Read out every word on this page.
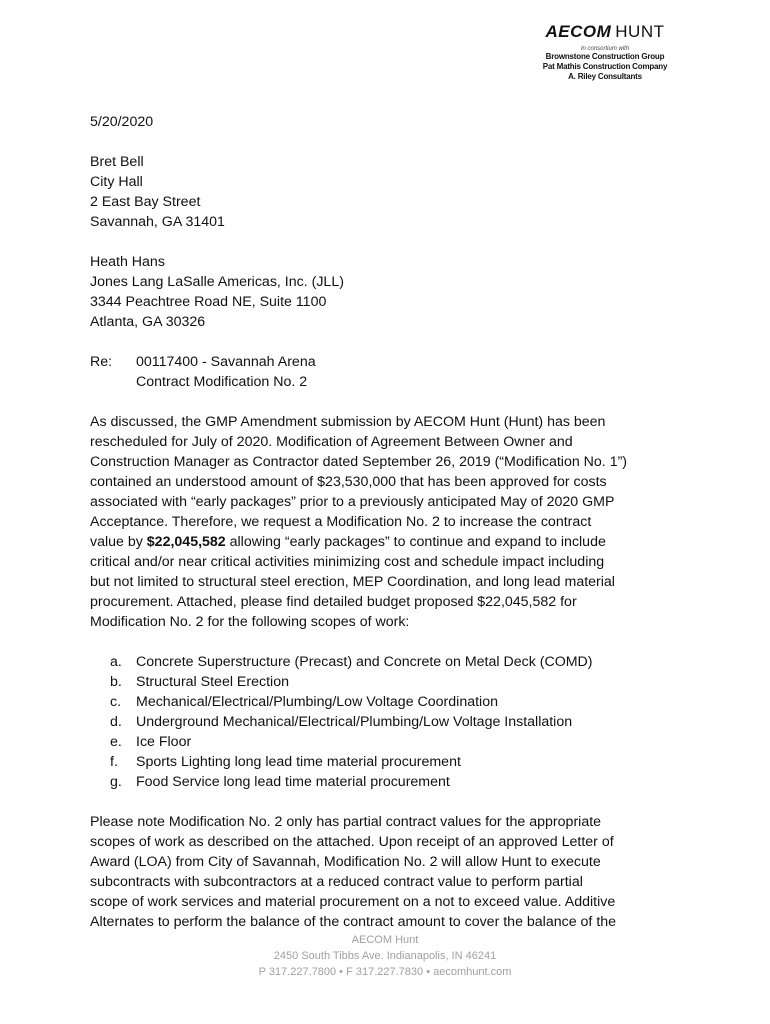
AECOM HUNT
In consortium with
Brownstone Construction Group
Pat Mathis Construction Company
A. Riley Consultants

5/20/2020

Bret Bell

City Hall

2 East Bay Street

Savannah, GA 31401

Heath Hans

Jones Lang LaSalle Americas, Inc. (JLL)

3344 Peachtree Road NE, Suite 1100

Atlanta, GA 30326

Re:	00117400 - Savannah Arena

Contract Modification No. 2

As discussed, the GMP Amendment submission by AECOM Hunt (Hunt) has been

rescheduled for July of 2020. Modification of Agreement Between Owner and

Construction Manager as Contractor dated September 26, 2019 (“Modification No. 1”)

contained an understood amount of $23,530,000 that has been approved for costs

associated with “early packages” prior to a previously anticipated May of 2020 GMP

Acceptance. Therefore, we request a Modification No. 2 to increase the contract

value by $22,045,582 allowing “early packages” to continue and expand to include

critical and/or near critical activities minimizing cost and schedule impact including

but not limited to structural steel erection, MEP Coordination, and long lead material

procurement. Attached, please find detailed budget proposed $22,045,582 for

Modification No. 2 for the following scopes of work:

a. Concrete Superstructure (Precast) and Concrete on Metal Deck (COMD)
b. Structural Steel Erection
c.	Mechanical/Electrical/Plumbing/Low Voltage Coordination
d. Underground Mechanical/Electrical/Plumbing/Low Voltage Installation
e. Ice Floor
f.	Sports Lighting long lead time material procurement
g. Food Service long lead time material procurement

Please note Modification No. 2 only has partial contract values for the appropriate

scopes of work as described on the attached. Upon receipt of an approved Letter of

Award (LOA) from City of Savannah, Modification No. 2 will allow Hunt to execute

subcontracts with subcontractors at a reduced contract value to perform partial

scope of work services and material procurement on a not to exceed value. Additive

Alternates to perform the balance of the contract amount to cover the balance of the

AECOM Hunt
2450 South Tibbs Ave. Indianapolis, IN 46241
P 317.227.7800 • F 317.227.7830 • aecomhunt.com
